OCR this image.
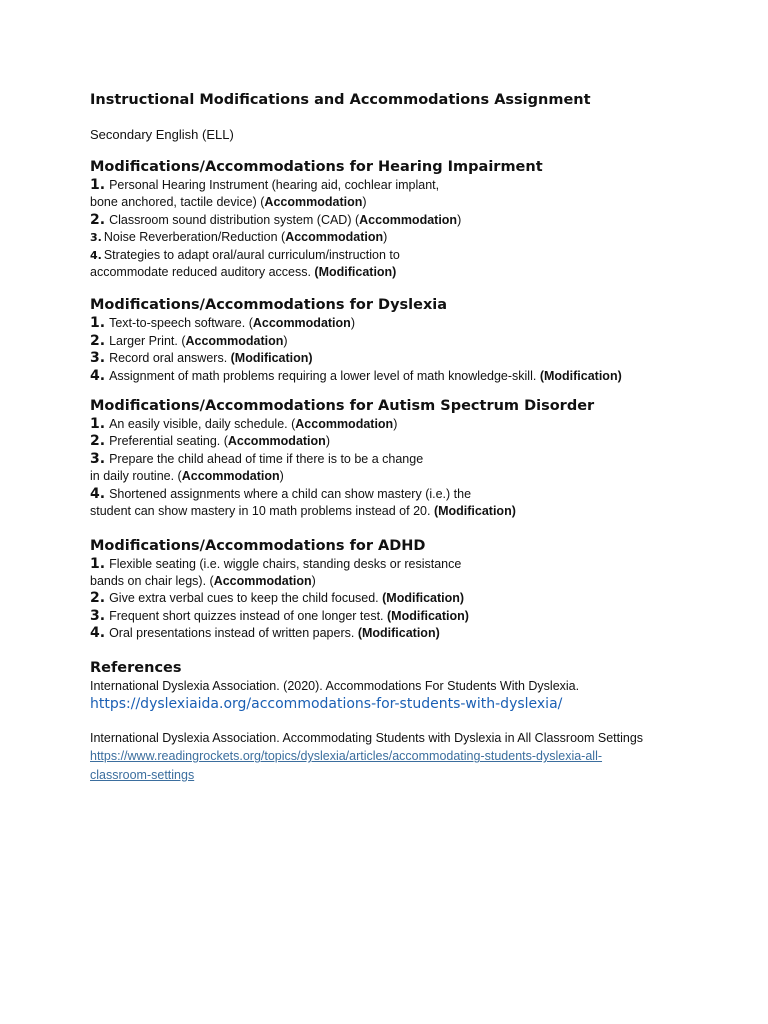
Instructional Modifications and Accommodations Assignment
Secondary English (ELL)
Modifications/Accommodations for Hearing Impairment
1. Personal Hearing Instrument (hearing aid, cochlear implant,
bone anchored, tactile device) (Accommodation)
2. Classroom sound distribution system (CAD) (Accommodation)
3. Noise Reverberation/Reduction (Accommodation)
4. Strategies to adapt oral/aural curriculum/instruction to
accommodate reduced auditory access. (Modification)
Modifications/Accommodations for Dyslexia
1. Text-to-speech software. (Accommodation)
2. Larger Print. (Accommodation)
3. Record oral answers. (Modification)
4. Assignment of math problems requiring a lower level of math knowledge-skill. (Modification)
Modifications/Accommodations for Autism Spectrum Disorder
1. An easily visible, daily schedule. (Accommodation)
2. Preferential seating. (Accommodation)
3. Prepare the child ahead of time if there is to be a change
in daily routine. (Accommodation)
4. Shortened assignments where a child can show mastery (i.e.) the
student can show mastery in 10 math problems instead of 20. (Modification)
Modifications/Accommodations for ADHD
1. Flexible seating (i.e. wiggle chairs, standing desks or resistance
bands on chair legs). (Accommodation)
2. Give extra verbal cues to keep the child focused. (Modification)
3. Frequent short quizzes instead of one longer test. (Modification)
4. Oral presentations instead of written papers. (Modification)
References
International Dyslexia Association. (2020). Accommodations For Students With Dyslexia.
https://dyslexiaida.org/accommodations-for-students-with-dyslexia/
International Dyslexia Association. Accommodating Students with Dyslexia in All Classroom Settings
https://www.readingrockets.org/topics/dyslexia/articles/accommodating-students-dyslexia-all-
classroom-settings
